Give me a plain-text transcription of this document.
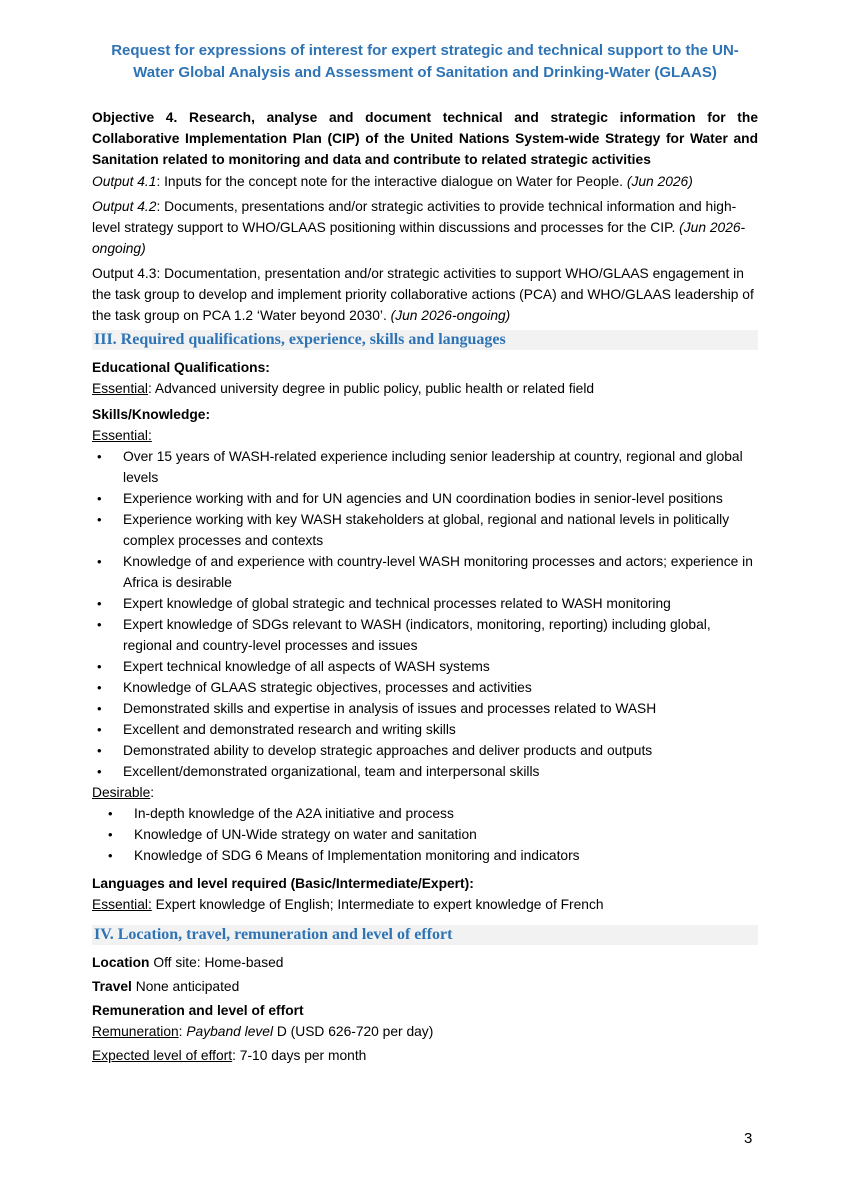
Request for expressions of interest for expert strategic and technical support to the UN-
Water Global Analysis and Assessment of Sanitation and Drinking-Water (GLAAS)

Objective 4. Research, analyse and document technical and strategic information for the Collaborative Implementation Plan (CIP) of the United Nations System-wide Strategy for Water and Sanitation related to monitoring and data and contribute to related strategic activities

Output 4.1: Inputs for the concept note for the interactive dialogue on Water for People. (Jun 2026)

Output 4.2: Documents, presentations and/or strategic activities to provide technical information and high-level strategy support to WHO/GLAAS positioning within discussions and processes for the CIP. (Jun 2026-ongoing)

Output 4.3: Documentation, presentation and/or strategic activities to support WHO/GLAAS engagement in the task group to develop and implement priority collaborative actions (PCA) and WHO/GLAAS leadership of the task group on PCA 1.2 ‘Water beyond 2030’. (Jun 2026-ongoing)

III. Required qualifications, experience, skills and languages

Educational Qualifications:

Essential: Advanced university degree in public policy, public health or related field

Skills/Knowledge:

Essential:

• Over 15 years of WASH-related experience including senior leadership at country, regional and global levels
• Experience working with and for UN agencies and UN coordination bodies in senior-level positions
• Experience working with key WASH stakeholders at global, regional and national levels in politically complex processes and contexts
• Knowledge of and experience with country-level WASH monitoring processes and actors; experience in Africa is desirable
• Expert knowledge of global strategic and technical processes related to WASH monitoring
• Expert knowledge of SDGs relevant to WASH (indicators, monitoring, reporting) including global, regional and country-level processes and issues
• Expert technical knowledge of all aspects of WASH systems
• Knowledge of GLAAS strategic objectives, processes and activities
• Demonstrated skills and expertise in analysis of issues and processes related to WASH
• Excellent and demonstrated research and writing skills
• Demonstrated ability to develop strategic approaches and deliver products and outputs
• Excellent/demonstrated organizational, team and interpersonal skills

Desirable:

• In-depth knowledge of the A2A initiative and process
• Knowledge of UN-Wide strategy on water and sanitation
• Knowledge of SDG 6 Means of Implementation monitoring and indicators

Languages and level required (Basic/Intermediate/Expert):

Essential: Expert knowledge of English; Intermediate to expert knowledge of French

IV. Location, travel, remuneration and level of effort

Location Off site: Home-based

Travel None anticipated

Remuneration and level of effort

Remuneration: Payband level D (USD 626-720 per day)

Expected level of effort: 7-10 days per month

3
